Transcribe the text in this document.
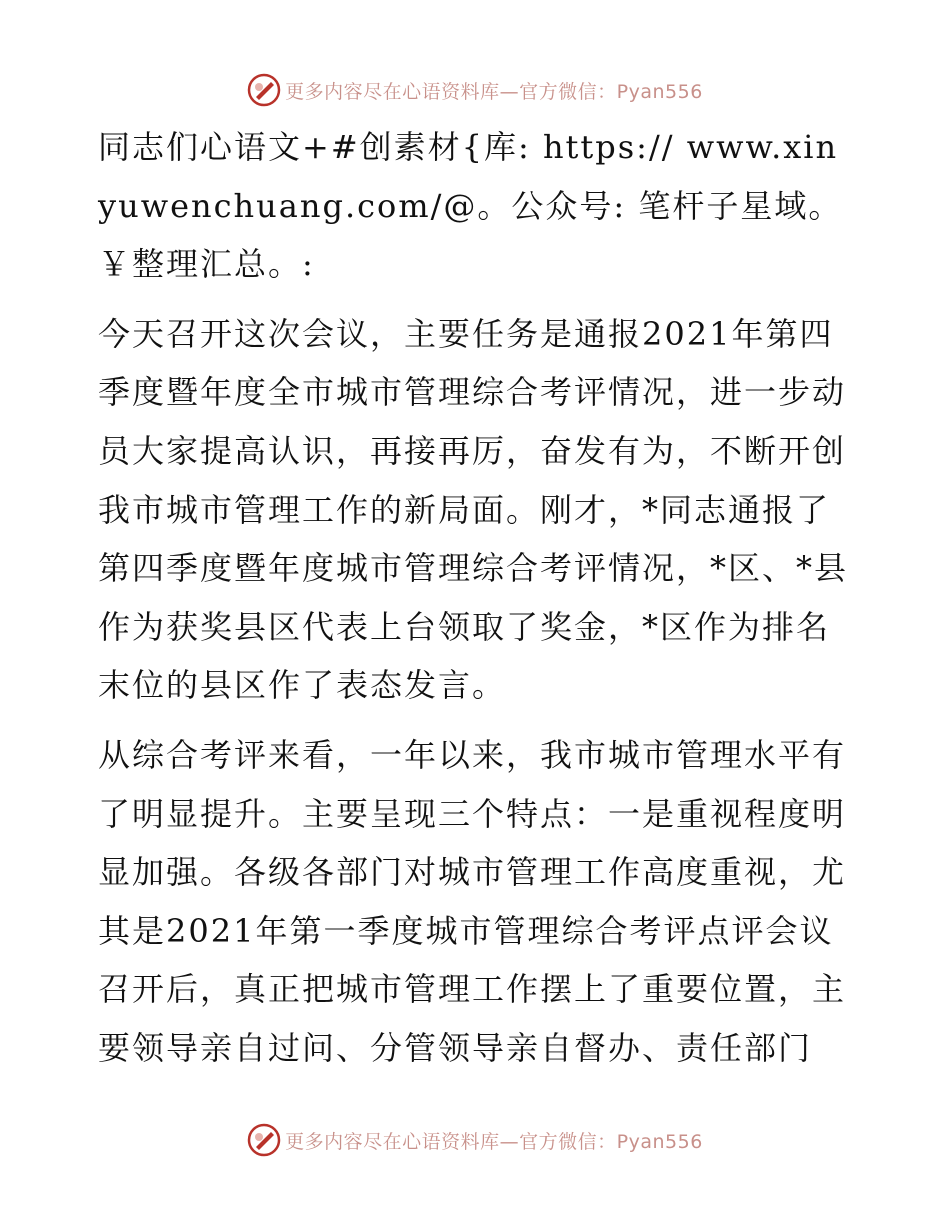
更多内容尽在心语资料库—官方微信：Pyan556

同志们心语文+#创素材{库: https:// www.xinyuwenchuang.com/@。公众号: 笔杆子星域。￥整理汇总。:

今天召开这次会议，主要任务是通报2021年第四季度暨年度全市城市管理综合考评情况，进一步动员大家提高认识，再接再厉，奋发有为，不断开创我市城市管理工作的新局面。刚才，*同志通报了第四季度暨年度城市管理综合考评情况，*区、*县作为获奖县区代表上台领取了奖金，*区作为排名末位的县区作了表态发言。

从综合考评来看，一年以来，我市城市管理水平有了明显提升。主要呈现三个特点：一是重视程度明显加强。各级各部门对城市管理工作高度重视，尤其是2021年第一季度城市管理综合考评点评会议召开后，真正把城市管理工作摆上了重要位置，主要领导亲自过问、分管领导亲自督办、责任部门

更多内容尽在心语资料库—官方微信：Pyan556
